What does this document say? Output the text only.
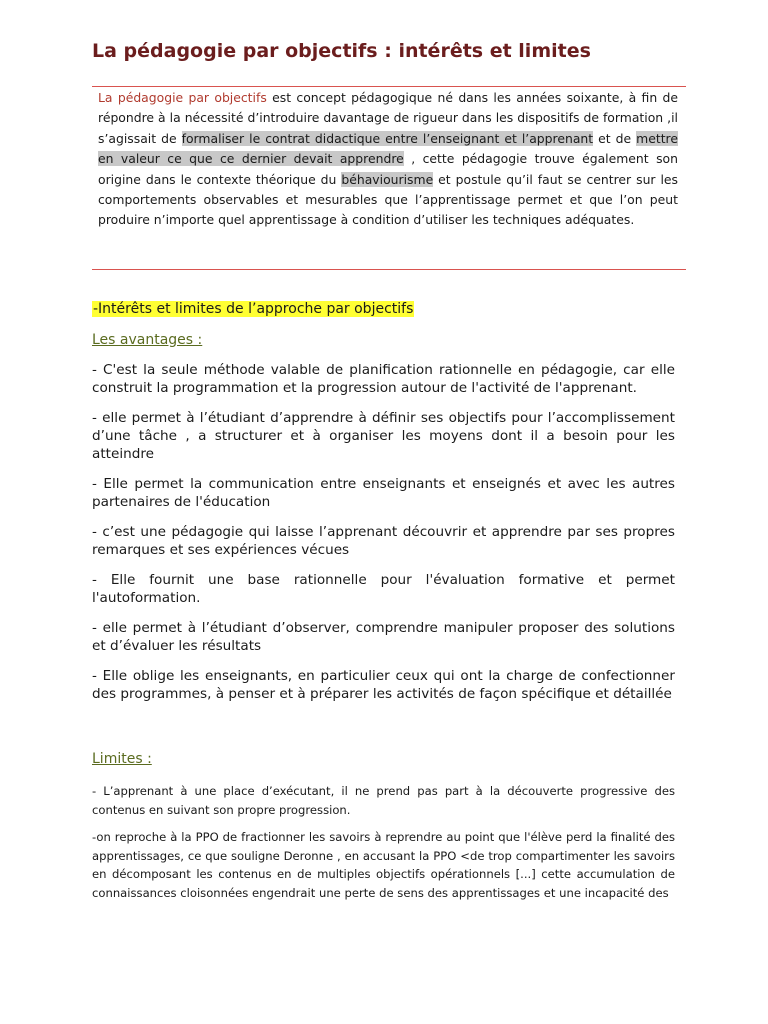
La pédagogie par objectifs : intérêts et limites

La pédagogie par objectifs est concept pédagogique né dans les années soixante, à fin de répondre à la nécessité d’introduire davantage de rigueur dans les dispositifs de formation ,il s’agissait de formaliser le contrat didactique entre l’enseignant et l’apprenant et de mettre en valeur ce que ce dernier devait apprendre , cette pédagogie trouve également son origine dans le contexte théorique du béhaviourisme et postule qu’il faut se centrer sur les comportements observables et mesurables que l’apprentissage permet et que l’on peut produire n’importe quel apprentissage à condition d’utiliser les techniques adéquates.

-Intérêts et limites de l’approche par objectifs
Les avantages :

- C'est la seule méthode valable de planification rationnelle en pédagogie, car elle construit la programmation et la progression autour de l'activité de l'apprenant.

- elle permet à l’étudiant d’apprendre à définir ses objectifs pour l’accomplissement d’une tâche , a structurer et à organiser les moyens dont il a besoin pour les atteindre

- Elle permet la communication entre enseignants et enseignés et avec les autres partenaires de l'éducation

- c’est une pédagogie qui laisse l’apprenant découvrir et apprendre par ses propres remarques et ses expériences vécues

- Elle fournit une base rationnelle pour l'évaluation formative et permet l'autoformation.

- elle permet à l’étudiant d’observer, comprendre manipuler proposer des solutions et d’évaluer les résultats

- Elle oblige les enseignants, en particulier ceux qui ont la charge de confectionner des programmes, à penser et à préparer les activités de façon spécifique et détaillée

Limites :

- L’apprenant à une place d’exécutant, il ne prend pas part à la découverte progressive des contenus en suivant son propre progression.

-on reproche à la PPO de fractionner les savoirs à reprendre au point que l'élève perd la finalité des apprentissages, ce que souligne Deronne , en accusant la PPO <de trop compartimenter les savoirs en décomposant les contenus en de multiples objectifs opérationnels [...] cette accumulation de connaissances cloisonnées engendrait une perte de sens des apprentissages et une incapacité des
